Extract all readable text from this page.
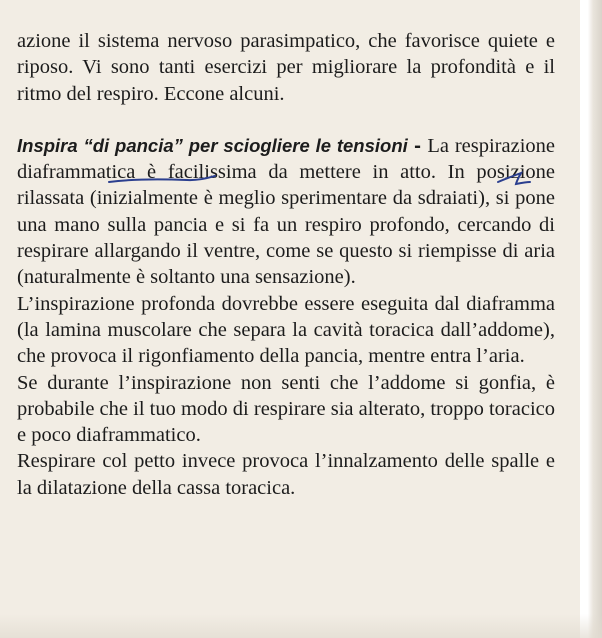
azione il sistema nervoso parasimpatico, che favorisce quiete e riposo. Vi sono tanti esercizi per migliorare la profondità e il ritmo del respiro. Eccone alcuni.

Inspira “di pancia” per sciogliere le tensioni - La respirazione diaframmatica è facilissima da mettere in atto. In posizione rilassata (inizialmente è meglio sperimentare da sdraiati), si pone una mano sulla pancia e si fa un respiro profondo, cercando di respirare allargando il ventre, come se questo si riempisse di aria (naturalmente è soltanto una sensazione).

L’inspirazione profonda dovrebbe essere eseguita dal diaframma (la lamina muscolare che separa la cavità toracica dall’addome), che provoca il rigonfiamento della pancia, mentre entra l’aria.

Se durante l’inspirazione non senti che l’addome si gonfia, è probabile che il tuo modo di respirare sia alterato, troppo toracico e poco diaframmatico.

Respirare col petto invece provoca l’innalzamento delle spalle e la dilatazione della cassa toracica.
